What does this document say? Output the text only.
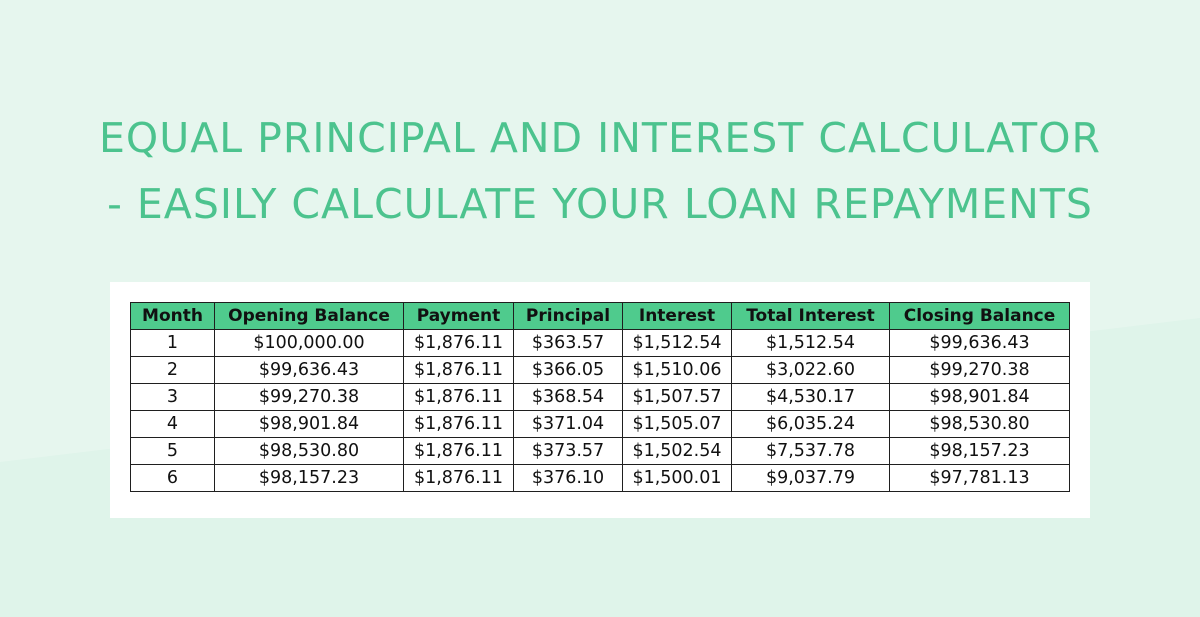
EQUAL PRINCIPAL AND INTEREST CALCULATOR
- EASILY CALCULATE YOUR LOAN REPAYMENTS
Month	Opening Balance	Payment	Principal	Interest	Total Interest	Closing Balance
1	$100,000.00	$1,876.11	$363.57	$1,512.54	$1,512.54	$99,636.43
2	$99,636.43	$1,876.11	$366.05	$1,510.06	$3,022.60	$99,270.38
3	$99,270.38	$1,876.11	$368.54	$1,507.57	$4,530.17	$98,901.84
4	$98,901.84	$1,876.11	$371.04	$1,505.07	$6,035.24	$98,530.80
5	$98,530.80	$1,876.11	$373.57	$1,502.54	$7,537.78	$98,157.23
6	$98,157.23	$1,876.11	$376.10	$1,500.01	$9,037.79	$97,781.13
